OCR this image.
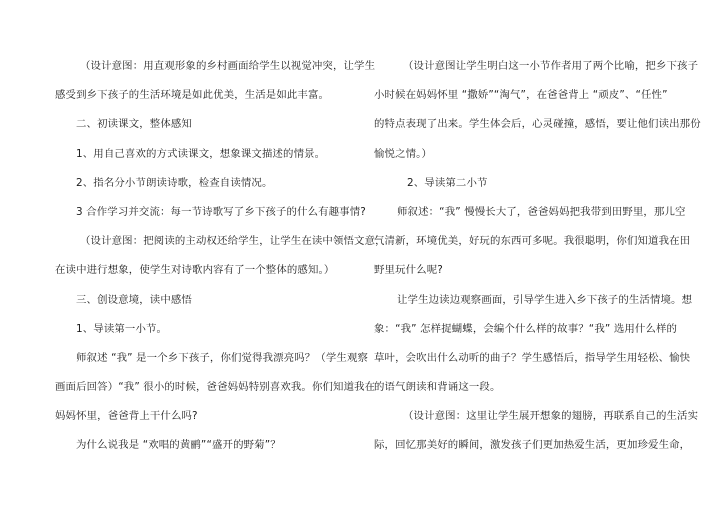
（设计意图：用直观形象的乡村画面给学生以视觉冲突，让学生
感受到乡下孩子的生活环境是如此优美，生活是如此丰富。
二、初读课文，整体感知
1、用自己喜欢的方式读课文，想象课文描述的情景。
2、指名分小节朗读诗歌，检查自读情况。
3 合作学习并交流：每一节诗歌写了乡下孩子的什么有趣事情?
（设计意图：把阅读的主动权还给学生，让学生在读中领悟文意，
在读中进行想象，使学生对诗歌内容有了一个整体的感知。）
三、创设意境，读中感悟
1、导读第一小节。
师叙述 “我” 是一个乡下孩子，你们觉得我漂亮吗？（学生观察
画面后回答）“我” 很小的时候，爸爸妈妈特别喜欢我。你们知道我在
妈妈怀里，爸爸背上干什么吗?
为什么说我是 “欢唱的黄鹂”“盛开的野菊”？
（设计意图让学生明白这一小节作者用了两个比喻，把乡下孩子
小时候在妈妈怀里 “撒娇”“淘气”，在爸爸背上 “顽皮”、“任性”
的特点表现了出来。学生体会后，心灵碰撞，感悟，要让他们读出那份
愉悦之情。）
2、导读第二小节
师叙述：“我” 慢慢长大了，爸爸妈妈把我带到田野里，那儿空
气清新，环境优美，好玩的东西可多呢。我很聪明，你们知道我在田
野里玩什么呢?
让学生边读边观察画面，引导学生进入乡下孩子的生活情境。想
象：“我” 怎样捉蝴蝶，会编个什么样的故事？“我” 选用什么样的
草叶，会吹出什么动听的曲子？学生感悟后，指导学生用轻松、愉快
的语气朗读和背诵这一段。
（设计意图：这里让学生展开想象的翅膀，再联系自己的生活实
际，回忆那美好的瞬间，激发孩子们更加热爱生活，更加珍爱生命，
